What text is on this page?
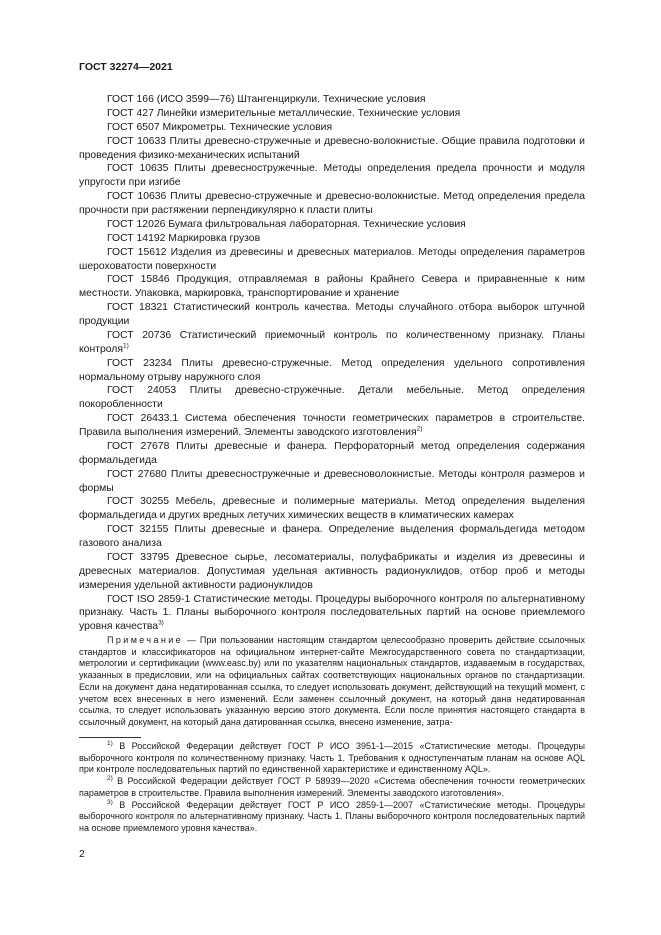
ГОСТ 32274—2021

ГОСТ 166 (ИСО 3599—76) Штангенциркули. Технические условия

ГОСТ 427 Линейки измерительные металлические. Технические условия

ГОСТ 6507 Микрометры. Технические условия

ГОСТ 10633 Плиты древесно-стружечные и древесно-волокнистые. Общие правила подготовки и проведения физико-механических испытаний

ГОСТ 10635 Плиты древесностружечные. Методы определения предела прочности и модуля упругости при изгибе

ГОСТ 10636 Плиты древесно-стружечные и древесно-волокнистые. Метод определения предела прочности при растяжении перпендикулярно к пласти плиты

ГОСТ 12026 Бумага фильтровальная лабораторная. Технические условия

ГОСТ 14192 Маркировка грузов

ГОСТ 15612 Изделия из древесины и древесных материалов. Методы определения параметров шероховатости поверхности

ГОСТ 15846 Продукция, отправляемая в районы Крайнего Севера и приравненные к ним местности. Упаковка, маркировка, транспортирование и хранение

ГОСТ 18321 Статистический контроль качества. Методы случайного отбора выборок штучной продукции

ГОСТ 20736 Статистический приемочный контроль по количественному признаку. Планы контроля$^{1)}$

ГОСТ 23234 Плиты древесно-стружечные. Метод определения удельного сопротивления нормальному отрыву наружного слоя

ГОСТ 24053 Плиты древесно-стружечные. Детали мебельные. Метод определения покоробленности

ГОСТ 26433.1 Система обеспечения точности геометрических параметров в строительстве. Правила выполнения измерений. Элементы заводского изготовления$^{2)}$

ГОСТ 27678 Плиты древесные и фанера. Перфораторный метод определения содержания формальдегида

ГОСТ 27680 Плиты древесностружечные и древесноволокнистые. Методы контроля размеров и формы

ГОСТ 30255 Мебель, древесные и полимерные материалы. Метод определения выделения формальдегида и других вредных летучих химических веществ в климатических камерах

ГОСТ 32155 Плиты древесные и фанера. Определение выделения формальдегида методом газового анализа

ГОСТ 33795 Древесное сырье, лесоматериалы, полуфабрикаты и изделия из древесины и древесных материалов. Допустимая удельная активность радионуклидов, отбор проб и методы измерения удельной активности радионуклидов

ГОСТ ISO 2859-1 Статистические методы. Процедуры выборочного контроля по альтернативному признаку. Часть 1. Планы выборочного контроля последовательных партий на основе приемлемого уровня качества$^{3)}$

Примечание — При пользовании настоящим стандартом целесообразно проверить действие ссылочных стандартов и классификаторов на официальном интернет-сайте Межгосударственного совета по стандартизации, метрологии и сертификации (www.easc.by) или по указателям национальных стандартов, издаваемым в государствах, указанных в предисловии, или на официальных сайтах соответствующих национальных органов по стандартизации. Если на документ дана недатированная ссылка, то следует использовать документ, действующий на текущий момент, с учетом всех внесенных в него изменений. Если заменен ссылочный документ, на который дана недатированная ссылка, то следует использовать указанную версию этого документа. Если после принятия настоящего стандарта в ссылочный документ, на который дана датированная ссылка, внесено изменение, затра-

$^{1)}$ В Российской Федерации действует ГОСТ Р ИСО 3951-1—2015 «Статистические методы. Процедуры выборочного контроля по количественному признаку. Часть 1. Требования к одноступенчатым планам на основе AQL при контроле последовательных партий по единственной характеристике и единственному AQL».

$^{2)}$ В Российской Федерации действует ГОСТ Р 58939—2020 «Система обеспечения точности геометрических параметров в строительстве. Правила выполнения измерений. Элементы заводского изготовления».

$^{3)}$ В Российской Федерации действует ГОСТ Р ИСО 2859-1—2007 «Статистические методы. Процедуры выборочного контроля по альтернативному признаку. Часть 1. Планы выборочного контроля последовательных партий на основе приемлемого уровня качества».

2
